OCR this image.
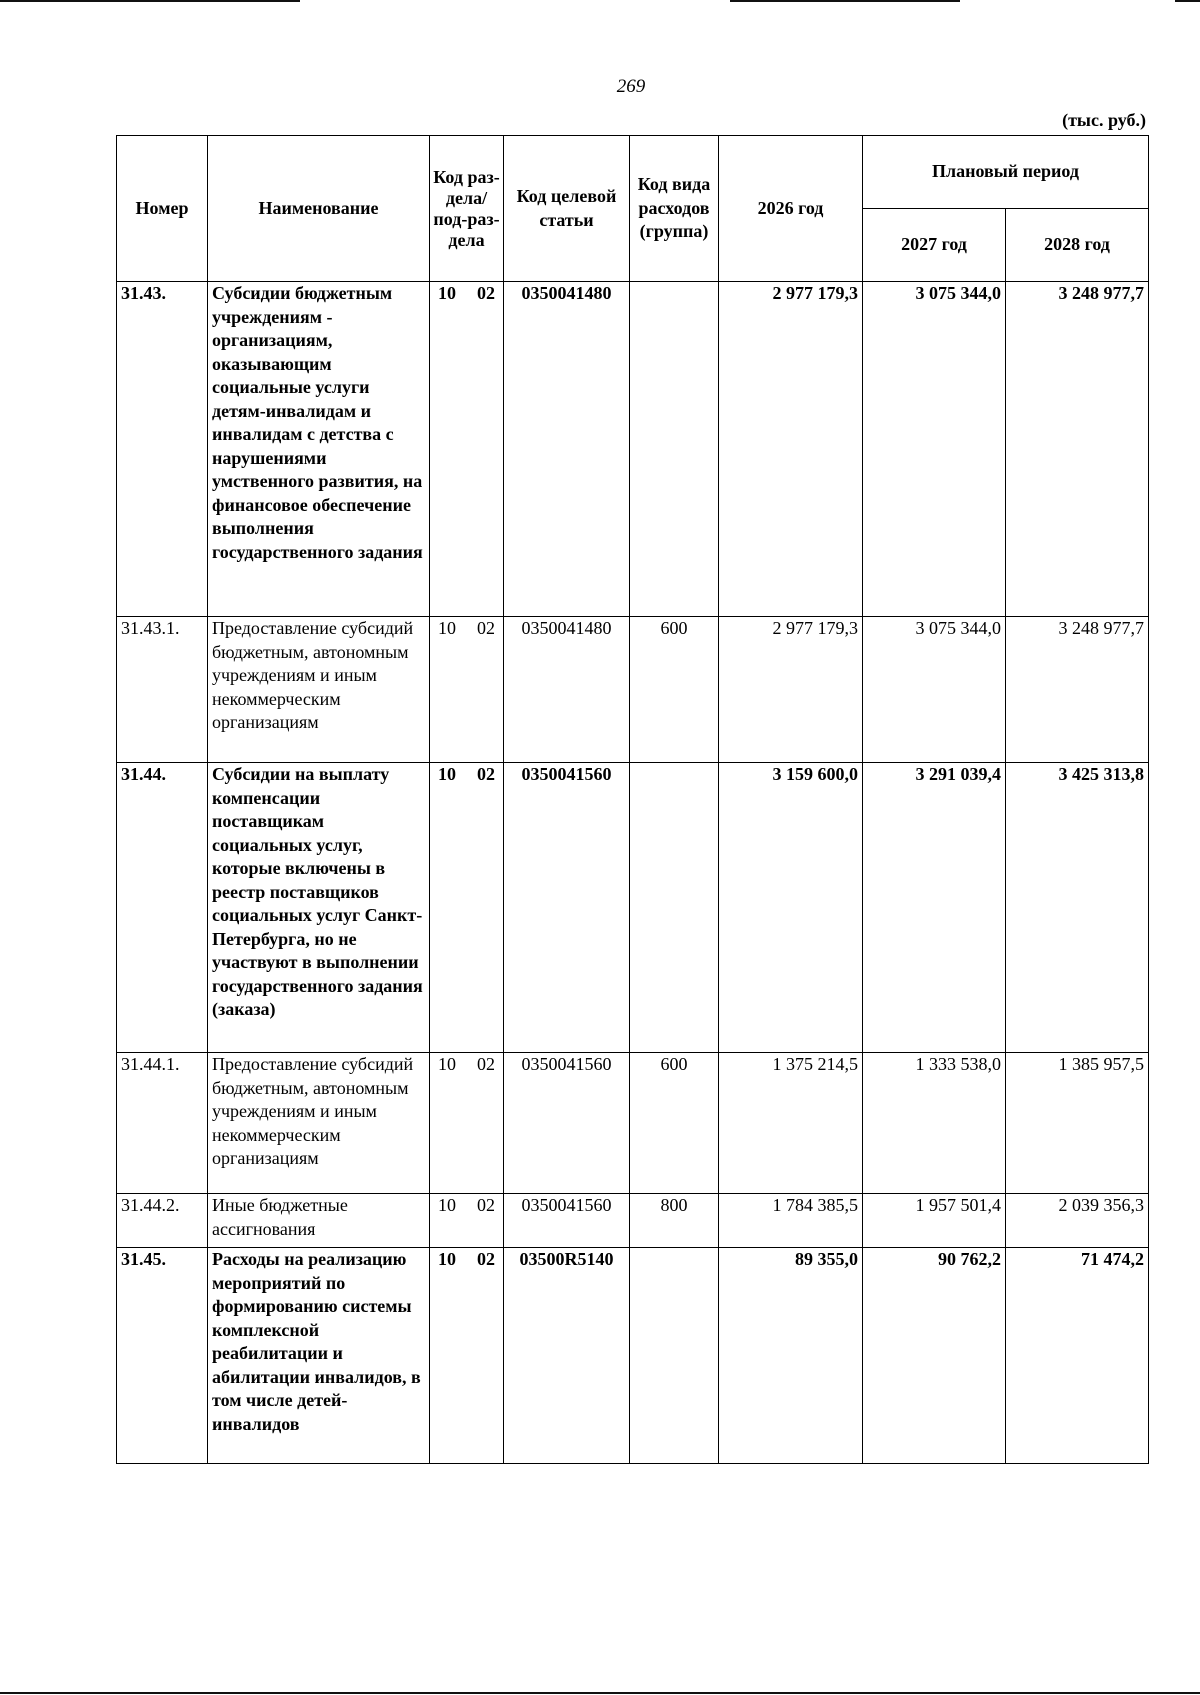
269
(тыс. руб.)
Номер	Наименование	Код раз-дела/ под-раз-дела	Код целевой статьи	Код вида расходов (группа)	2026 год	Плановый период	
						2027 год	2028 год
31.43.	Субсидии бюджетным учреждениям - организациям, оказывающим социальные услуги детям-инвалидам и инвалидам с детства с нарушениями умственного развития, на финансовое обеспечение выполнения государственного задания	10 02	0350041480		2 977 179,3	3 075 344,0	3 248 977,7
31.43.1.	Предоставление субсидий бюджетным, автономным учреждениям и иным некоммерческим организациям	10 02	0350041480	600	2 977 179,3	3 075 344,0	3 248 977,7
31.44.	Субсидии на выплату компенсации поставщикам социальных услуг, которые включены в реестр поставщиков социальных услуг Санкт-Петербурга, но не участвуют в выполнении государственного задания (заказа)	10 02	0350041560		3 159 600,0	3 291 039,4	3 425 313,8
31.44.1.	Предоставление субсидий бюджетным, автономным учреждениям и иным некоммерческим организациям	10 02	0350041560	600	1 375 214,5	1 333 538,0	1 385 957,5
31.44.2.	Иные бюджетные ассигнования	10 02	0350041560	800	1 784 385,5	1 957 501,4	2 039 356,3
31.45.	Расходы на реализацию мероприятий по формированию системы комплексной реабилитации и абилитации инвалидов, в том числе детей-инвалидов	10 02	03500R5140		89 355,0	90 762,2	71 474,2
